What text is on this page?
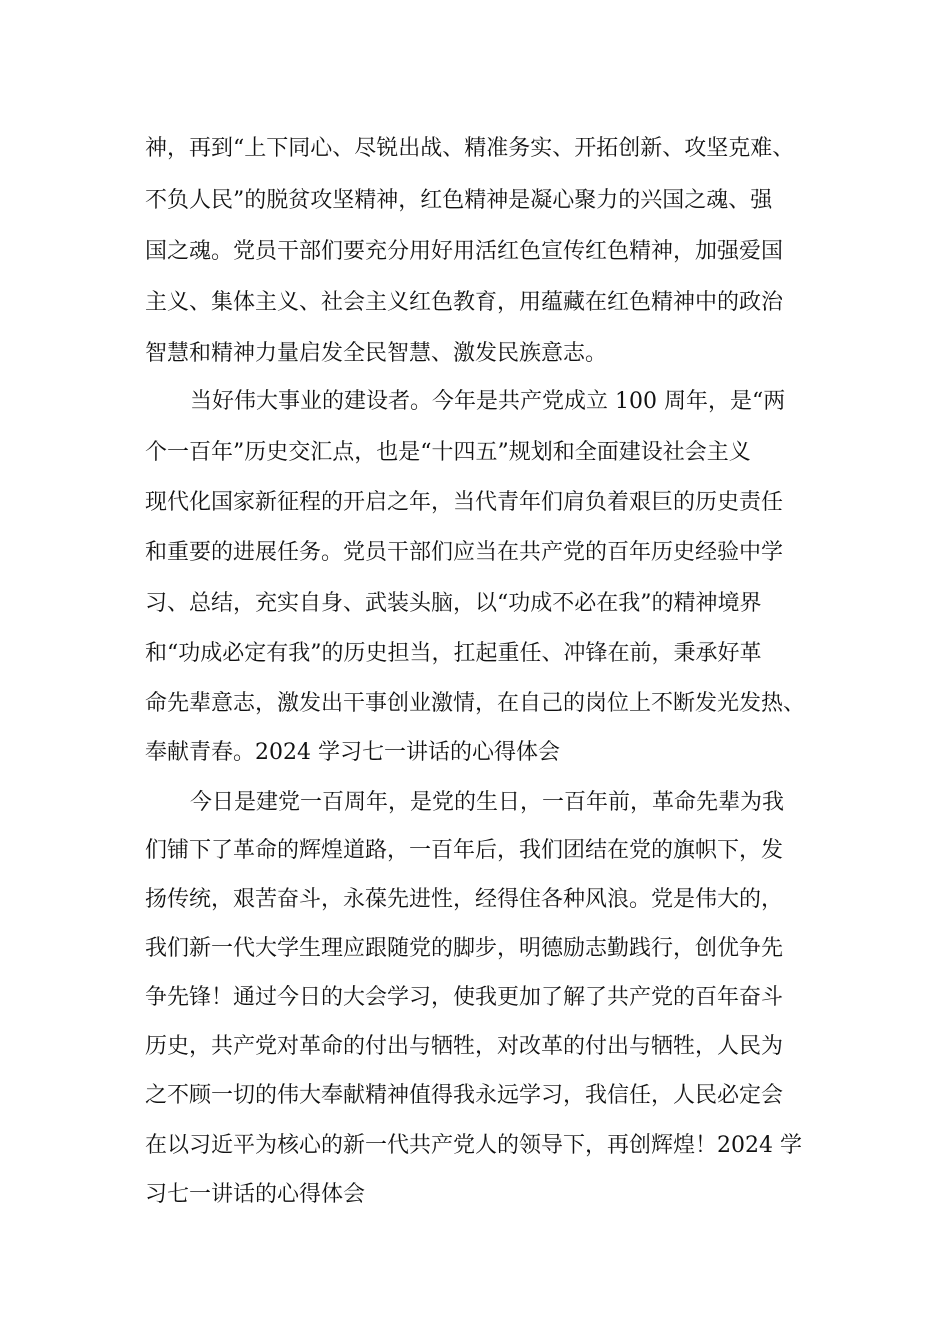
神，再到“上下同心、尽锐出战、精准务实、开拓创新、攻坚克难、

不负人民”的脱贫攻坚精神，红色精神是凝心聚力的兴国之魂、强

国之魂。党员干部们要充分用好用活红色宣传红色精神，加强爱国

主义、集体主义、社会主义红色教育，用蕴藏在红色精神中的政治

智慧和精神力量启发全民智慧、激发民族意志。

当好伟大事业的建设者。今年是共产党成立 100 周年，是“两

个一百年”历史交汇点，也是“十四五”规划和全面建设社会主义

现代化国家新征程的开启之年，当代青年们肩负着艰巨的历史责任

和重要的进展任务。党员干部们应当在共产党的百年历史经验中学

习、总结，充实自身、武装头脑，以“功成不必在我”的精神境界

和“功成必定有我”的历史担当，扛起重任、冲锋在前，秉承好革

命先辈意志，激发出干事创业激情，在自己的岗位上不断发光发热、

奉献青春。2024 学习七一讲话的心得体会

今日是建党一百周年，是党的生日，一百年前，革命先辈为我

们铺下了革命的辉煌道路，一百年后，我们团结在党的旗帜下，发

扬传统，艰苦奋斗，永葆先进性，经得住各种风浪。党是伟大的，

我们新一代大学生理应跟随党的脚步，明德励志勤践行，创优争先

争先锋！通过今日的大会学习，使我更加了解了共产党的百年奋斗

历史，共产党对革命的付出与牺牲，对改革的付出与牺牲，人民为

之不顾一切的伟大奉献精神值得我永远学习，我信任，人民必定会

在以习近平为核心的新一代共产党人的领导下，再创辉煌！2024 学

习七一讲话的心得体会
